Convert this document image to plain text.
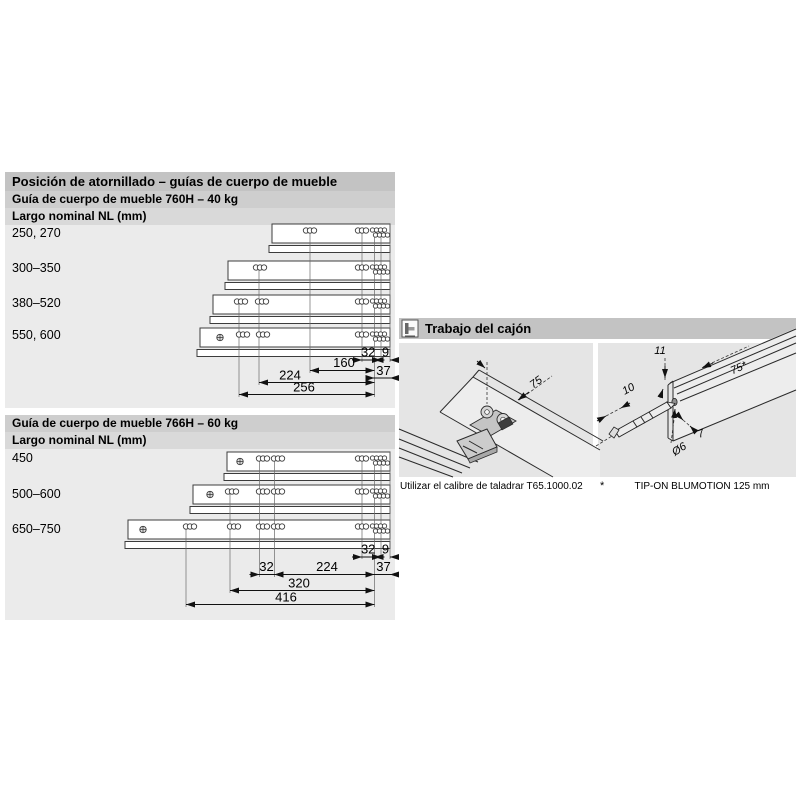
Posición de atornillado – guías de cuerpo de mueble
Guía de cuerpo de mueble 760H – 40 kg
Largo nominal NL (mm)
Guía de cuerpo de mueble 766H – 60 kg
Largo nominal NL (mm)
Trabajo del cajón
250, 270
300–350
380–520
550, 600
450
500–600
650–750
Utilizar el calibre de taladrar T65.1000.02	*	TIP-ON BLUMOTION 125 mm
32 9
160
37
224
256
32 9
32	224	37
320
416
75	10
11
75*
7
Ø6
